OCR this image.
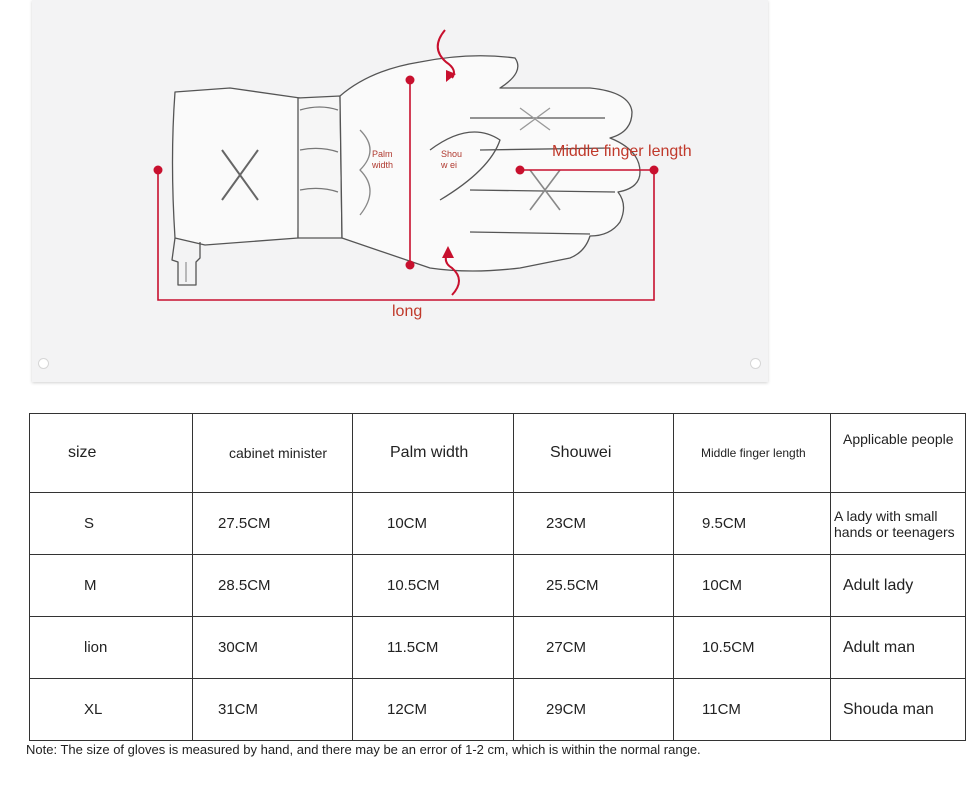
long
Middle finger length
Palm width
Shouw ei
size	cabinet minister	Palm width	Shouwei	Middle finger length	Applicable people
S	27.5CM	10CM	23CM	9.5CM	A lady with small hands or teenagers
M	28.5CM	10.5CM	25.5CM	10CM	Adult lady
lion	30CM	11.5CM	27CM	10.5CM	Adult man
XL	31CM	12CM	29CM	11CM	Shouda man
Note: The size of gloves is measured by hand, and there may be an error of 1-2 cm, which is within the normal range.
